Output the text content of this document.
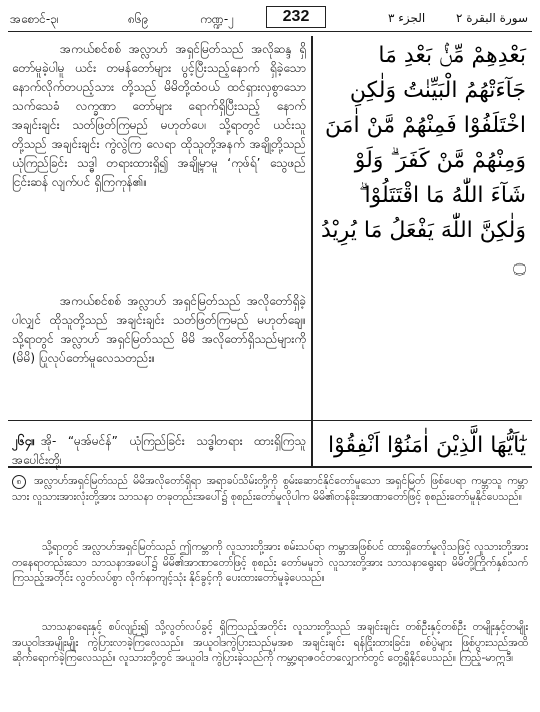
အစောင်-၃၊	၈၆၉	ကဏ္ဍ-၂	232	الجزء ٣	سورة البقرة ٢

အကယ်စင်စစ် အလ္လာဟ် အရှင်မြတ်သည် အလိုဆန္ဒ ရှိတော်မူခဲ့ပါမူ ယင်း တမန်တော်များ ပွင့်ပြီးသည့်နောက် ရှိခဲ့သော နောက်လိုက်တပည့်သား တို့သည် မိမိတို့ထံဝယ် ထင်ရှားလှစွာသော သက်သေခံ လက္ခဏာ တော်များ ရောက်ရှိပြီးသည့် နောက် အချင်းချင်း သတ်ဖြတ်ကြမည် မဟုတ်ပေ၊ သို့ရာတွင် ယင်းသူတို့သည် အချင်းချင်း ကွဲလွဲကြ လေရာ ထိုသူတို့အနက် အချို့တို့သည် ယုံကြည်ခြင်း သဒ္ဓါ တရားထားရှိ၍ အချို့မှာမူ ‘ကုဖ်ရ်’ သွေဖည် ငြင်းဆန် လျက်ပင် ရှိကြကုန်၏။

အကယ်စင်စစ် အလ္လာဟ် အရှင်မြတ်သည် အလိုတော်ရှိခဲ့ပါလျှင် ထိုသူတို့သည် အချင်းချင်း သတ်ဖြတ်ကြမည် မဟုတ်ချေ။ သို့ရာတွင် အလ္လာဟ် အရှင်မြတ်သည် မိမိ အလိုတော်ရှိသည်များကို (မိမိ) ပြုလုပ်တော်မူလေသတည်း။

၂၆၄။ အို- “မုအ်မင်န်” ယုံကြည်ခြင်း သဒ္ဓါတရား ထားရှိကြသူ အပေါင်းတို့၊

بَعْدِهِمْ مِّنْۢ بَعْدِ مَا جَآءَتْهُمُ الْبَيِّنٰتُ وَلٰكِنِ اخْتَلَفُوْا فَمِنْهُمْ مَّنْ اٰمَنَ وَمِنْهُمْ مَّنْ كَفَرَ ۗ وَلَوْ شَآءَ اللّٰهُ مَا اقْتَتَلُوْا ۗ وَلٰكِنَّ اللّٰهَ يَفْعَلُ مَا يُرِيْدُ ۝
يٰٓاَيُّهَا الَّذِيْنَ اٰمَنُوْٓا اَنْفِقُوْا

၈ အလ္လာဟ်အရှင်မြတ်သည် မိမိအလိုတော်ရှိရာ အရာခပ်သိမ်းတို့ကို စွမ်းဆောင်နိုင်တော်မူသော အရှင်မြတ် ဖြစ်ပေရာ ကမ္ဘာသူ ကမ္ဘာသား လူသားအားလုံးတို့အား သာသနာ တခုတည်းအပေါ်၌ စုစည်းတော်မူလိုပါက မိမိ၏တန်ခိုးအာဏာတော်ဖြင့် စုစည်းတော်မူနိုင်ပေသည်။

သို့ရာတွင် အလ္လာဟ်အရှင်မြတ်သည် ဤကမ္ဘာကို လူသားတို့အား စမ်းသပ်ရာ ကမ္ဘာအဖြစ်ပင် ထားရှိတော်မူလိုသဖြင့် လူသားတို့အား တနေရာတည်းသော သာသနာအပေါ်၌ မိမိ၏အာဏာတော်ဖြင့် စုစည်း တော်မမူဘဲ လူသားတို့အား သာသနာရွေးရာ မိမိတို့ကြိုက်နှစ်သက်ကြသည့်အတိုင်း လွတ်လပ်စွာ လိုက်နာကျင့်သုံး နိုင်ခွင့်ကို ပေးထားတော်မူခဲ့ပေသည်။

သာသနာရေးနှင့် စပ်လျဉ်း၍ သို့လွတ်လပ်ခွင့် ရှိကြသည့်အတိုင်း လူသားတို့သည် အချင်းချင်း တစ်ဦးနှင့်တစ်ဦး တမျိုးနှင့်တမျိုး အယူဝါဒအမျိုးမျိုး ကွဲပြားလာခဲ့ကြလေသည်။ အယူဝါဒကွဲပြားသည်မှအစ အချင်းချင်း ရန်ငြိုးထားခြင်း၊ စစ်ပွဲများ ဖြစ်ပွားသည်အထိ ဆိုက်ရောက်ခဲ့ကြလေသည်။ လူသားတို့တွင် အယူဝါဒ ကွဲပြားခဲ့သည်ကို ကမ္ဘာ့ရာဇဝင်တလျှောက်တွင် တွေ့ရှိနိုင်ပေသည်။ ကြည့်-မာဣဒီ၊
